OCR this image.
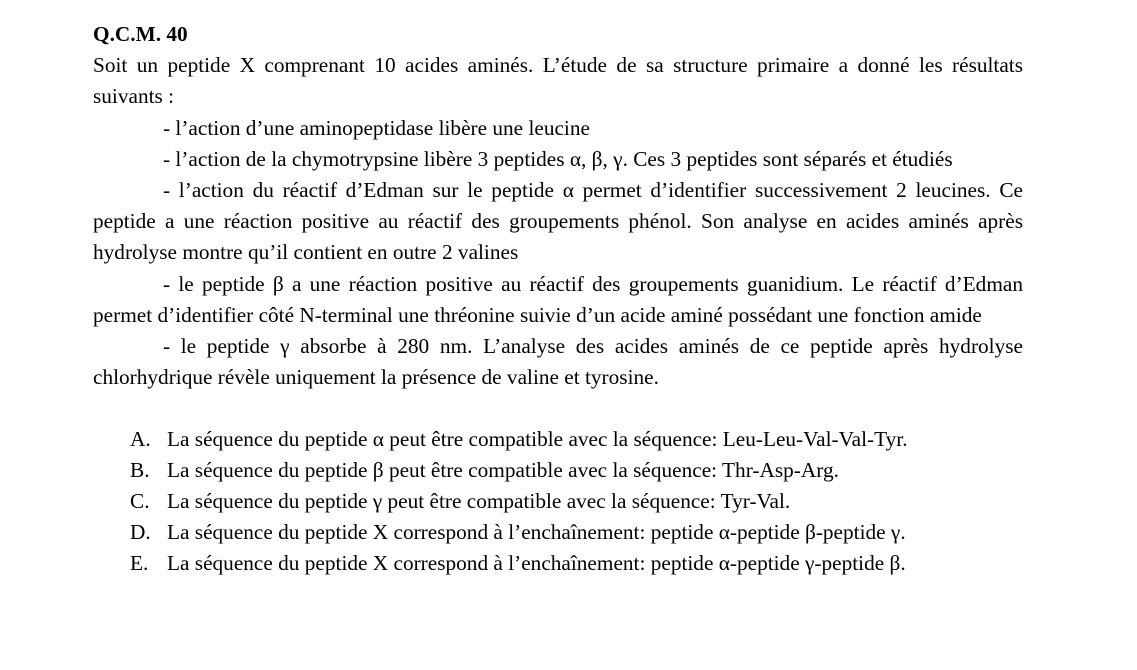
Q.C.M. 40

Soit un peptide X comprenant 10 acides aminés. L’étude de sa structure primaire a donné les résultats suivants :

- l’action d’une aminopeptidase libère une leucine

- l’action de la chymotrypsine libère 3 peptides α, β, γ. Ces 3 peptides sont séparés et étudiés

- l’action du réactif d’Edman sur le peptide α permet d’identifier successivement 2 leucines. Ce peptide a une réaction positive au réactif des groupements phénol. Son analyse en acides aminés après hydrolyse montre qu’il contient en outre 2 valines

- le peptide β a une réaction positive au réactif des groupements guanidium. Le réactif d’Edman permet d’identifier côté N-terminal une thréonine suivie d’un acide aminé possédant une fonction amide

- le peptide γ absorbe à 280 nm. L’analyse des acides aminés de ce peptide après hydrolyse chlorhydrique révèle uniquement la présence de valine et tyrosine.

A. La séquence du peptide α peut être compatible avec la séquence: Leu-Leu-Val-Val-Tyr.
B. La séquence du peptide β peut être compatible avec la séquence: Thr-Asp-Arg.
C. La séquence du peptide γ peut être compatible avec la séquence: Tyr-Val.
D. La séquence du peptide X correspond à l’enchaînement: peptide α-peptide β-peptide γ.
E. La séquence du peptide X correspond à l’enchaînement: peptide α-peptide γ-peptide β.
